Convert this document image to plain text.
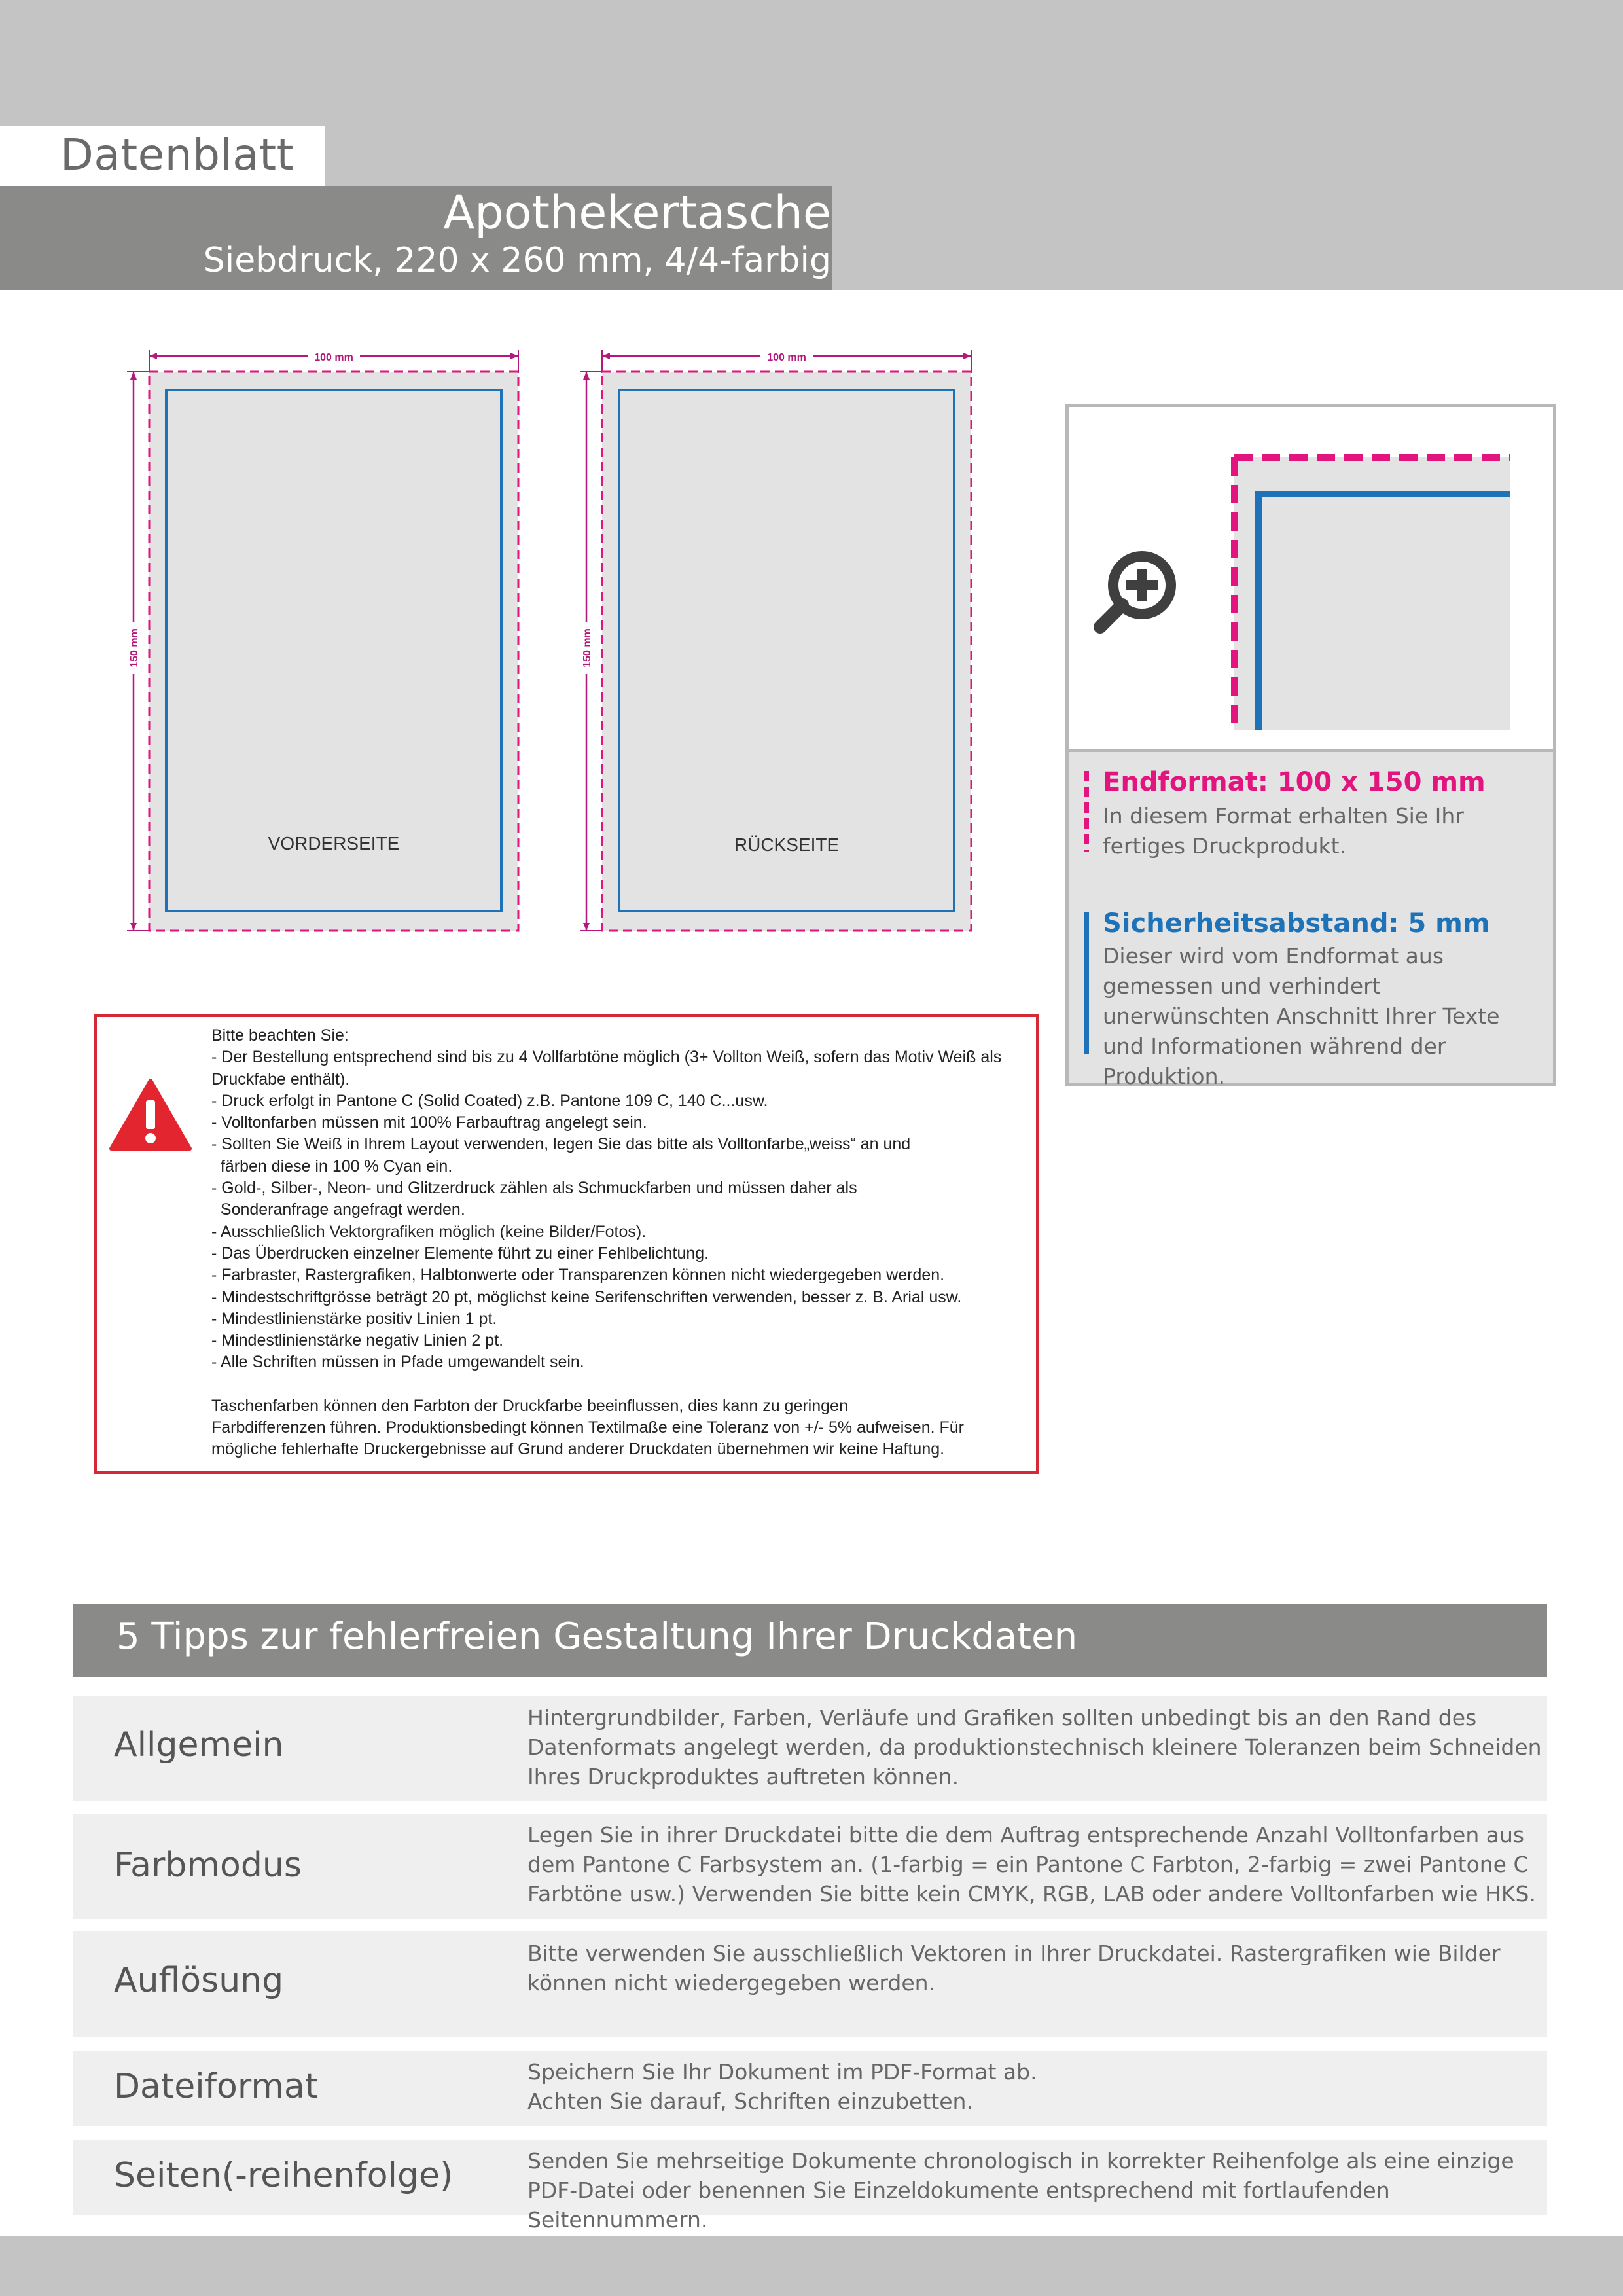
Datenblatt
Apothekertasche
Siebdruck, 220 x 260 mm, 4/4-farbig
100 mm
150 mm
VORDERSEITE
100 mm
150 mm
RÜCKSEITE
Endformat: 100 x 150 mm
In diesem Format erhalten Sie Ihr fertiges Druckprodukt.
Sicherheitsabstand: 5 mm
Dieser wird vom Endformat aus gemessen und verhindert unerwünschten Anschnitt Ihrer Texte und Informationen während der Produktion.
Bitte beachten Sie:
- Der Bestellung entsprechend sind bis zu 4 Vollfarbtöne möglich (3+ Vollton Weiß, sofern das Motiv Weiß als
Druckfabe enthält).
- Druck erfolgt in Pantone C (Solid Coated) z.B. Pantone 109 C, 140 C...usw.
- Volltonfarben müssen mit 100% Farbauftrag angelegt sein.
- Sollten Sie Weiß in Ihrem Layout verwenden, legen Sie das bitte als Volltonfarbe„weiss“ an und
färben diese in 100 % Cyan ein.
- Gold-, Silber-, Neon- und Glitzerdruck zählen als Schmuckfarben und müssen daher als
Sonderanfrage angefragt werden.
- Ausschließlich Vektorgrafiken möglich (keine Bilder/Fotos).
- Das Überdrucken einzelner Elemente führt zu einer Fehlbelichtung.
- Farbraster, Rastergrafiken, Halbtonwerte oder Transparenzen können nicht wiedergegeben werden.
- Mindestschriftgrösse beträgt 20 pt, möglichst keine Serifenschriften verwenden, besser z. B. Arial usw.
- Mindestlinienstärke positiv Linien 1 pt.
- Mindestlinienstärke negativ Linien 2 pt.
- Alle Schriften müssen in Pfade umgewandelt sein.
Taschenfarben können den Farbton der Druckfarbe beeinflussen, dies kann zu geringen
Farbdifferenzen führen. Produktionsbedingt können Textilmaße eine Toleranz von +/- 5% aufweisen. Für
mögliche fehlerhafte Druckergebnisse auf Grund anderer Druckdaten übernehmen wir keine Haftung.
5 Tipps zur fehlerfreien Gestaltung Ihrer Druckdaten
Allgemein
Hintergrundbilder, Farben, Verläufe und Grafiken sollten unbedingt bis an den Rand des Datenformats angelegt werden, da produktionstechnisch kleinere Toleranzen beim Schneiden Ihres Druckproduktes auftreten können.
Farbmodus
Legen Sie in ihrer Druckdatei bitte die dem Auftrag entsprechende Anzahl Volltonfarben aus dem Pantone C Farbsystem an. (1-farbig = ein Pantone C Farbton, 2-farbig = zwei Pantone C Farbtöne usw.) Verwenden Sie bitte kein CMYK, RGB, LAB oder andere Volltonfarben wie HKS.
Auflösung
Bitte verwenden Sie ausschließlich Vektoren in Ihrer Druckdatei. Rastergrafiken wie Bilder können nicht wiedergegeben werden.
Dateiformat	Speichern Sie Ihr Dokument im PDF-Format ab.
Achten Sie darauf, Schriften einzubetten.
Seiten(-reihenfolge)	Senden Sie mehrseitige Dokumente chronologisch in korrekter Reihenfolge als eine einzige PDF-Datei oder benennen Sie Einzeldokumente entsprechend mit fortlaufenden Seitennummern.
